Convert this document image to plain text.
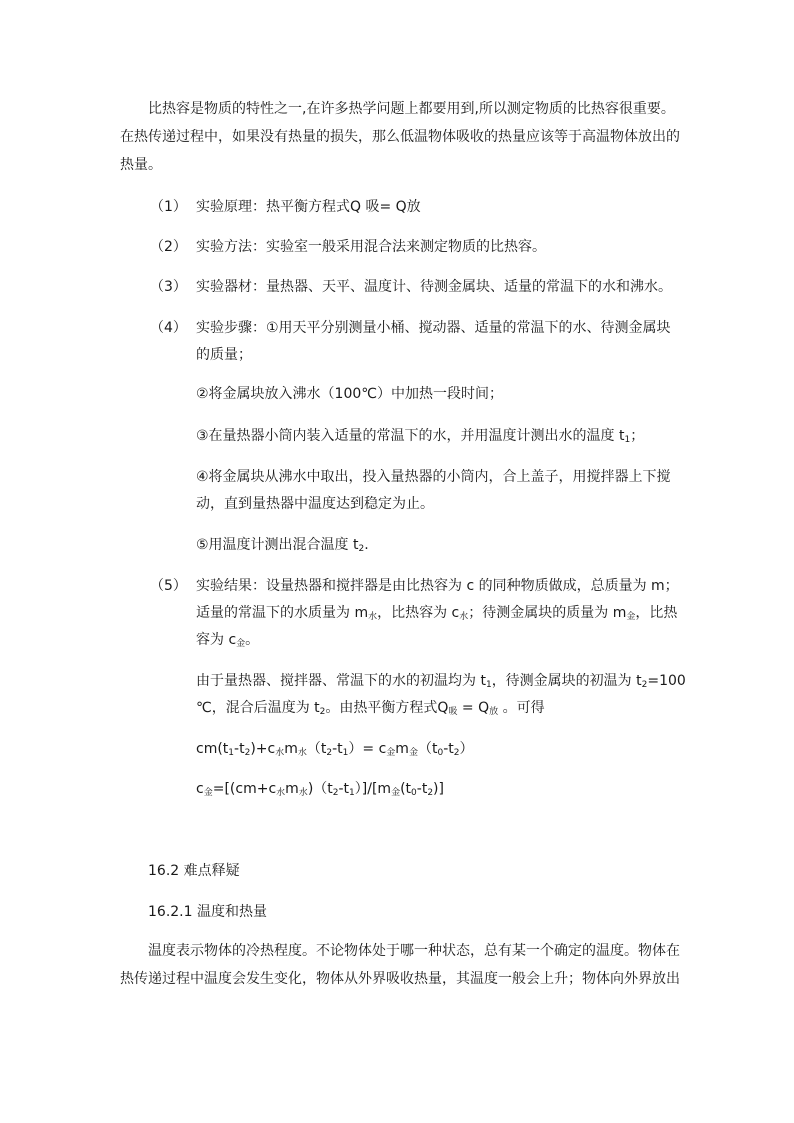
比热容是物质的特性之一,在许多热学问题上都要用到,所以测定物质的比热容很重要。
在热传递过程中，如果没有热量的损失，那么低温物体吸收的热量应该等于高温物体放出的
热量。
（1） 实验原理：热平衡方程式Q 吸= Q放
（2） 实验方法：实验室一般采用混合法来测定物质的比热容。
（3） 实验器材：量热器、天平、温度计、待测金属块、适量的常温下的水和沸水。
（4） 实验步骤：①用天平分别测量小桶、搅动器、适量的常温下的水、待测金属块
的质量；
②将金属块放入沸水（100℃）中加热一段时间；
③在量热器小筒内装入适量的常温下的水，并用温度计测出水的温度 $t_1$；
④将金属块从沸水中取出，投入量热器的小筒内，合上盖子，用搅拌器上下搅
动，直到量热器中温度达到稳定为止。
⑤用温度计测出混合温度 $t_2$.
（5） 实验结果：设量热器和搅拌器是由比热容为 c 的同种物质做成，总质量为 m；
适量的常温下的水质量为 $m_水$，比热容为 $c_水$；待测金属块的质量为 $m_金$，比热
容为 $c_金$。
由于量热器、搅拌器、常温下的水的初温均为 $t_1$，待测金属块的初温为 $t_2=100$
℃，混合后温度为 $t_2$。由热平衡方程式$Q_吸 = Q_放$ 。可得
$cm(t_1-t_2)+c_水m_水(t_2-t_1)= c_金m_金(t_0-t_2)$
$c_金=[(cm+c_水m_水)(t_2-t_1)]/[m_金(t_0-t_2)]$
16.2 难点释疑
16.2.1 温度和热量
温度表示物体的冷热程度。不论物体处于哪一种状态，总有某一个确定的温度。物体在
热传递过程中温度会发生变化，物体从外界吸收热量，其温度一般会上升；物体向外界放出
